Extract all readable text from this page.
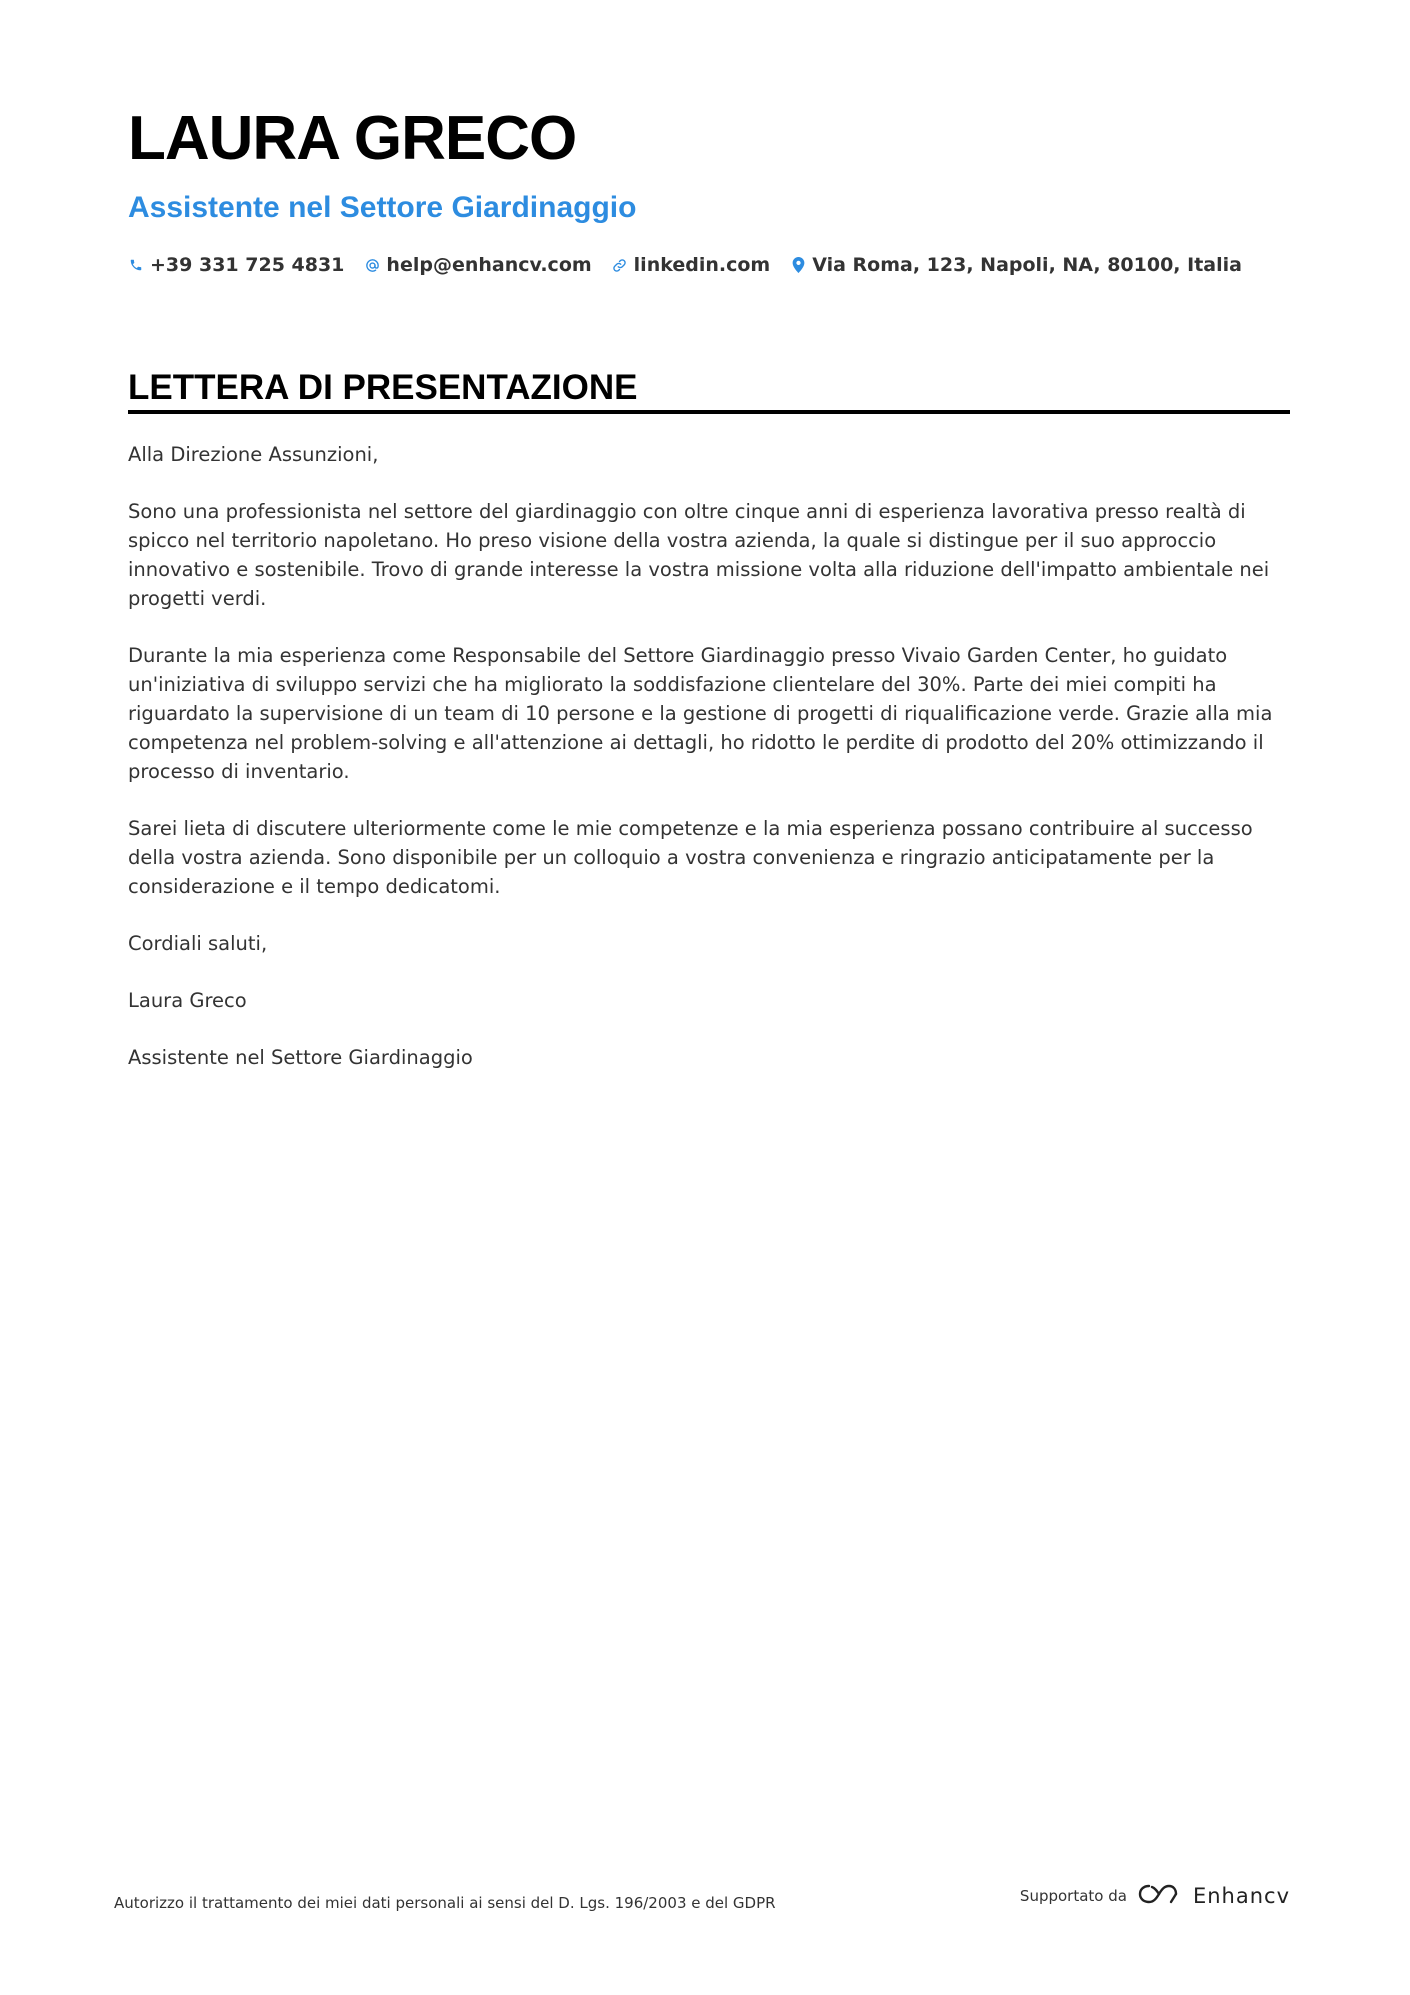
LAURA GRECO
Assistente nel Settore Giardinaggio
+39 331 725 4831 help@enhancv.com linkedin.com Via Roma, 123, Napoli, NA, 80100, Italia
LETTERA DI PRESENTAZIONE

Alla Direzione Assunzioni,

Sono una professionista nel settore del giardinaggio con oltre cinque anni di esperienza lavorativa presso realtà di spicco nel territorio napoletano. Ho preso visione della vostra azienda, la quale si distingue per il suo approccio innovativo e sostenibile. Trovo di grande interesse la vostra missione volta alla riduzione dell'impatto ambientale nei progetti verdi.

Durante la mia esperienza come Responsabile del Settore Giardinaggio presso Vivaio Garden Center, ho guidato un'iniziativa di sviluppo servizi che ha migliorato la soddisfazione clientelare del 30%. Parte dei miei compiti ha riguardato la supervisione di un team di 10 persone e la gestione di progetti di riqualificazione verde. Grazie alla mia competenza nel problem-solving e all'attenzione ai dettagli, ho ridotto le perdite di prodotto del 20% ottimizzando il processo di inventario.

Sarei lieta di discutere ulteriormente come le mie competenze e la mia esperienza possano contribuire al successo della vostra azienda. Sono disponibile per un colloquio a vostra convenienza e ringrazio anticipatamente per la considerazione e il tempo dedicatomi.

Cordiali saluti,

Laura Greco

Assistente nel Settore Giardinaggio

Autorizzo il trattamento dei miei dati personali ai sensi del D. Lgs. 196/2003 e del GDPR	Supportato da	Enhancv
